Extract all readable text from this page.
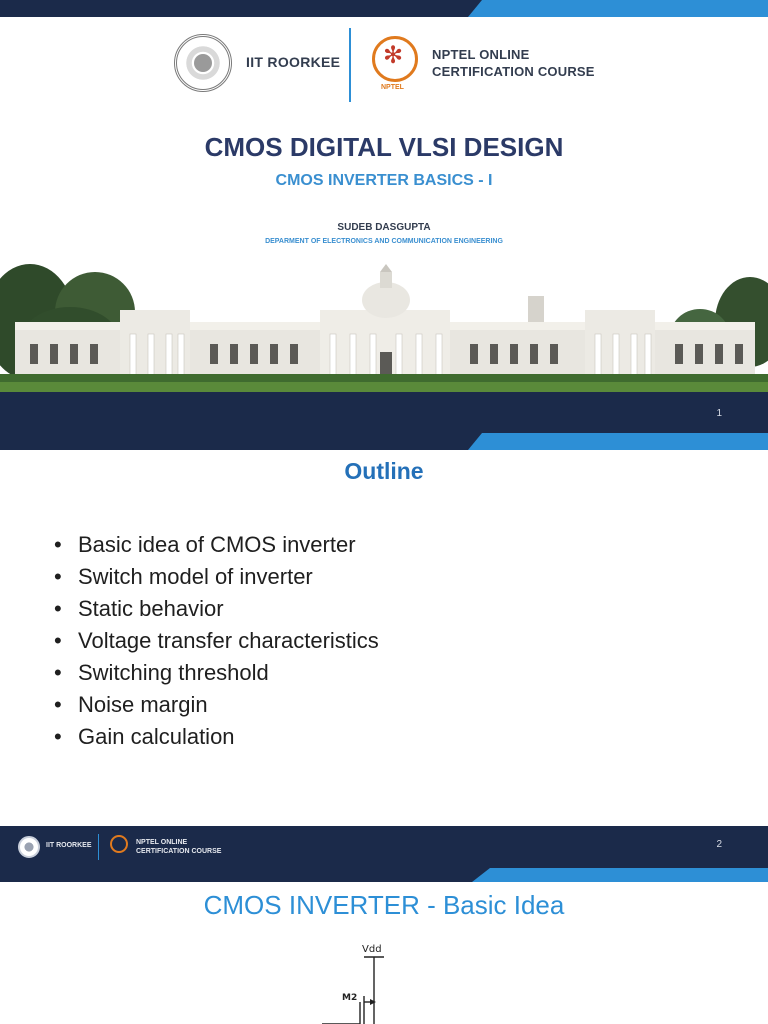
IIT ROORKEE ✻
NPTEL
NPTEL ONLINE
CERTIFICATION COURSE
CMOS DIGITAL VLSI DESIGN
CMOS INVERTER BASICS - I
SUDEB DASGUPTA
DEPARMENT OF ELECTRONICS AND COMMUNICATION ENGINEERING
1
Outline
• Basic idea of CMOS inverter
• Switch model of inverter
• Static behavior
• Voltage transfer characteristics
• Switching threshold
• Noise margin
• Gain calculation
IIT ROORKEE	NPTEL ONLINE
CERTIFICATION COURSE
2
CMOS INVERTER - Basic Idea
Vdd
M2
